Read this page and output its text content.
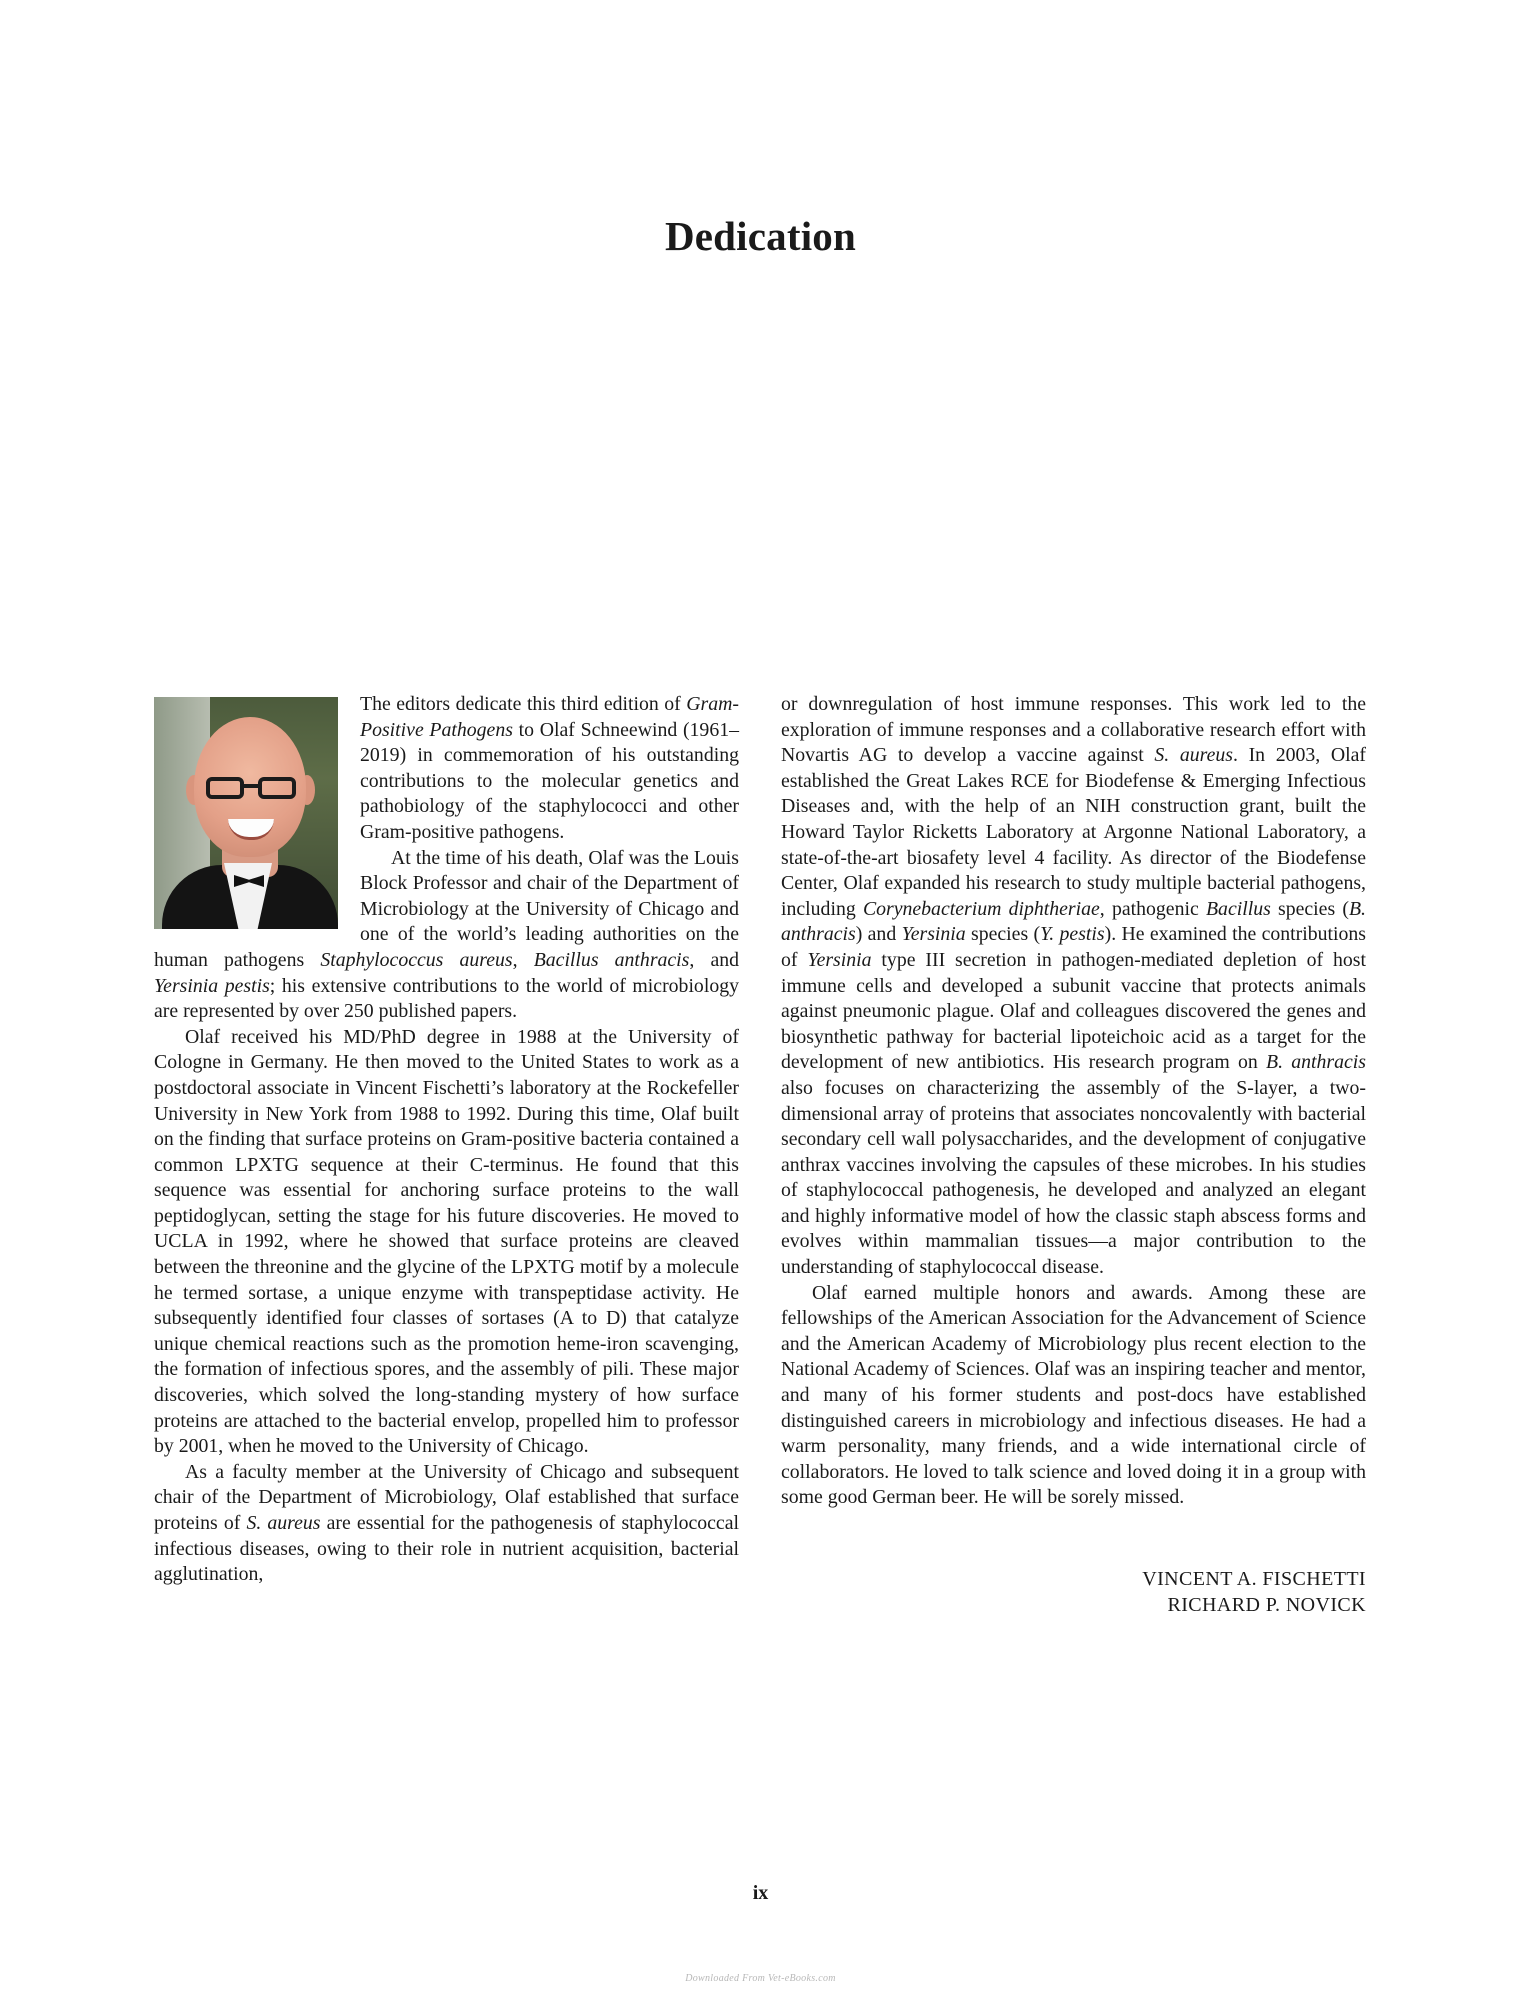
Dedication

The editors dedicate this third edition of Gram-Positive Pathogens to Olaf Schneewind (1961–2019) in commemoration of his outstanding contributions to the molecular genetics and pathobiology of the staphylococci and other Gram-positive pathogens.

At the time of his death, Olaf was the Louis Block Professor and chair of the Department of Microbiology at the University of Chicago and one of the world’s leading authorities on the human pathogens Staphylococcus aureus, Bacillus anthracis, and Yersinia pestis; his extensive contributions to the world of microbiology are represented by over 250 published papers.

Olaf received his MD/PhD degree in 1988 at the University of Cologne in Germany. He then moved to the United States to work as a postdoctoral associate in Vincent Fischetti’s laboratory at the Rockefeller University in New York from 1988 to 1992. During this time, Olaf built on the finding that surface proteins on Gram-positive bacteria contained a common LPXTG sequence at their C-terminus. He found that this sequence was essential for anchoring surface proteins to the wall peptidoglycan, setting the stage for his future discoveries. He moved to UCLA in 1992, where he showed that surface proteins are cleaved between the threonine and the glycine of the LPXTG motif by a molecule he termed sortase, a unique enzyme with transpeptidase activity. He subsequently identified four classes of sortases (A to D) that catalyze unique chemical reactions such as the promotion heme-iron scavenging, the formation of infectious spores, and the assembly of pili. These major discoveries, which solved the long-standing mystery of how surface proteins are attached to the bacterial envelop, propelled him to professor by 2001, when he moved to the University of Chicago.

As a faculty member at the University of Chicago and subsequent chair of the Department of Microbiology, Olaf established that surface proteins of S. aureus are essential for the pathogenesis of staphylococcal infectious diseases, owing to their role in nutrient acquisition, bacterial agglutination,

or downregulation of host immune responses. This work led to the exploration of immune responses and a collaborative research effort with Novartis AG to develop a vaccine against S. aureus. In 2003, Olaf established the Great Lakes RCE for Biodefense & Emerging Infectious Diseases and, with the help of an NIH construction grant, built the Howard Taylor Ricketts Laboratory at Argonne National Laboratory, a state-of-the-art biosafety level 4 facility. As director of the Biodefense Center, Olaf expanded his research to study multiple bacterial pathogens, including Corynebacterium diphtheriae, pathogenic Bacillus species (B. anthracis) and Yersinia species (Y. pestis). He examined the contributions of Yersinia type III secretion in pathogen-mediated depletion of host immune cells and developed a subunit vaccine that protects animals against pneumonic plague. Olaf and colleagues discovered the genes and biosynthetic pathway for bacterial lipoteichoic acid as a target for the development of new antibiotics. His research program on B. anthracis also focuses on characterizing the assembly of the S-layer, a two-dimensional array of proteins that associates noncovalently with bacterial secondary cell wall polysaccharides, and the development of conjugative anthrax vaccines involving the capsules of these microbes. In his studies of staphylococcal pathogenesis, he developed and analyzed an elegant and highly informative model of how the classic staph abscess forms and evolves within mammalian tissues—a major contribution to the understanding of staphylococcal disease.

Olaf earned multiple honors and awards. Among these are fellowships of the American Association for the Advancement of Science and the American Academy of Microbiology plus recent election to the National Academy of Sciences. Olaf was an inspiring teacher and mentor, and many of his former students and post-docs have established distinguished careers in microbiology and infectious diseases. He had a warm personality, many friends, and a wide international circle of collaborators. He loved to talk science and loved doing it in a group with some good German beer. He will be sorely missed.

VINCENT A. FISCHETTI
RICHARD P. NOVICK
ix
Downloaded From Vet-eBooks.com
